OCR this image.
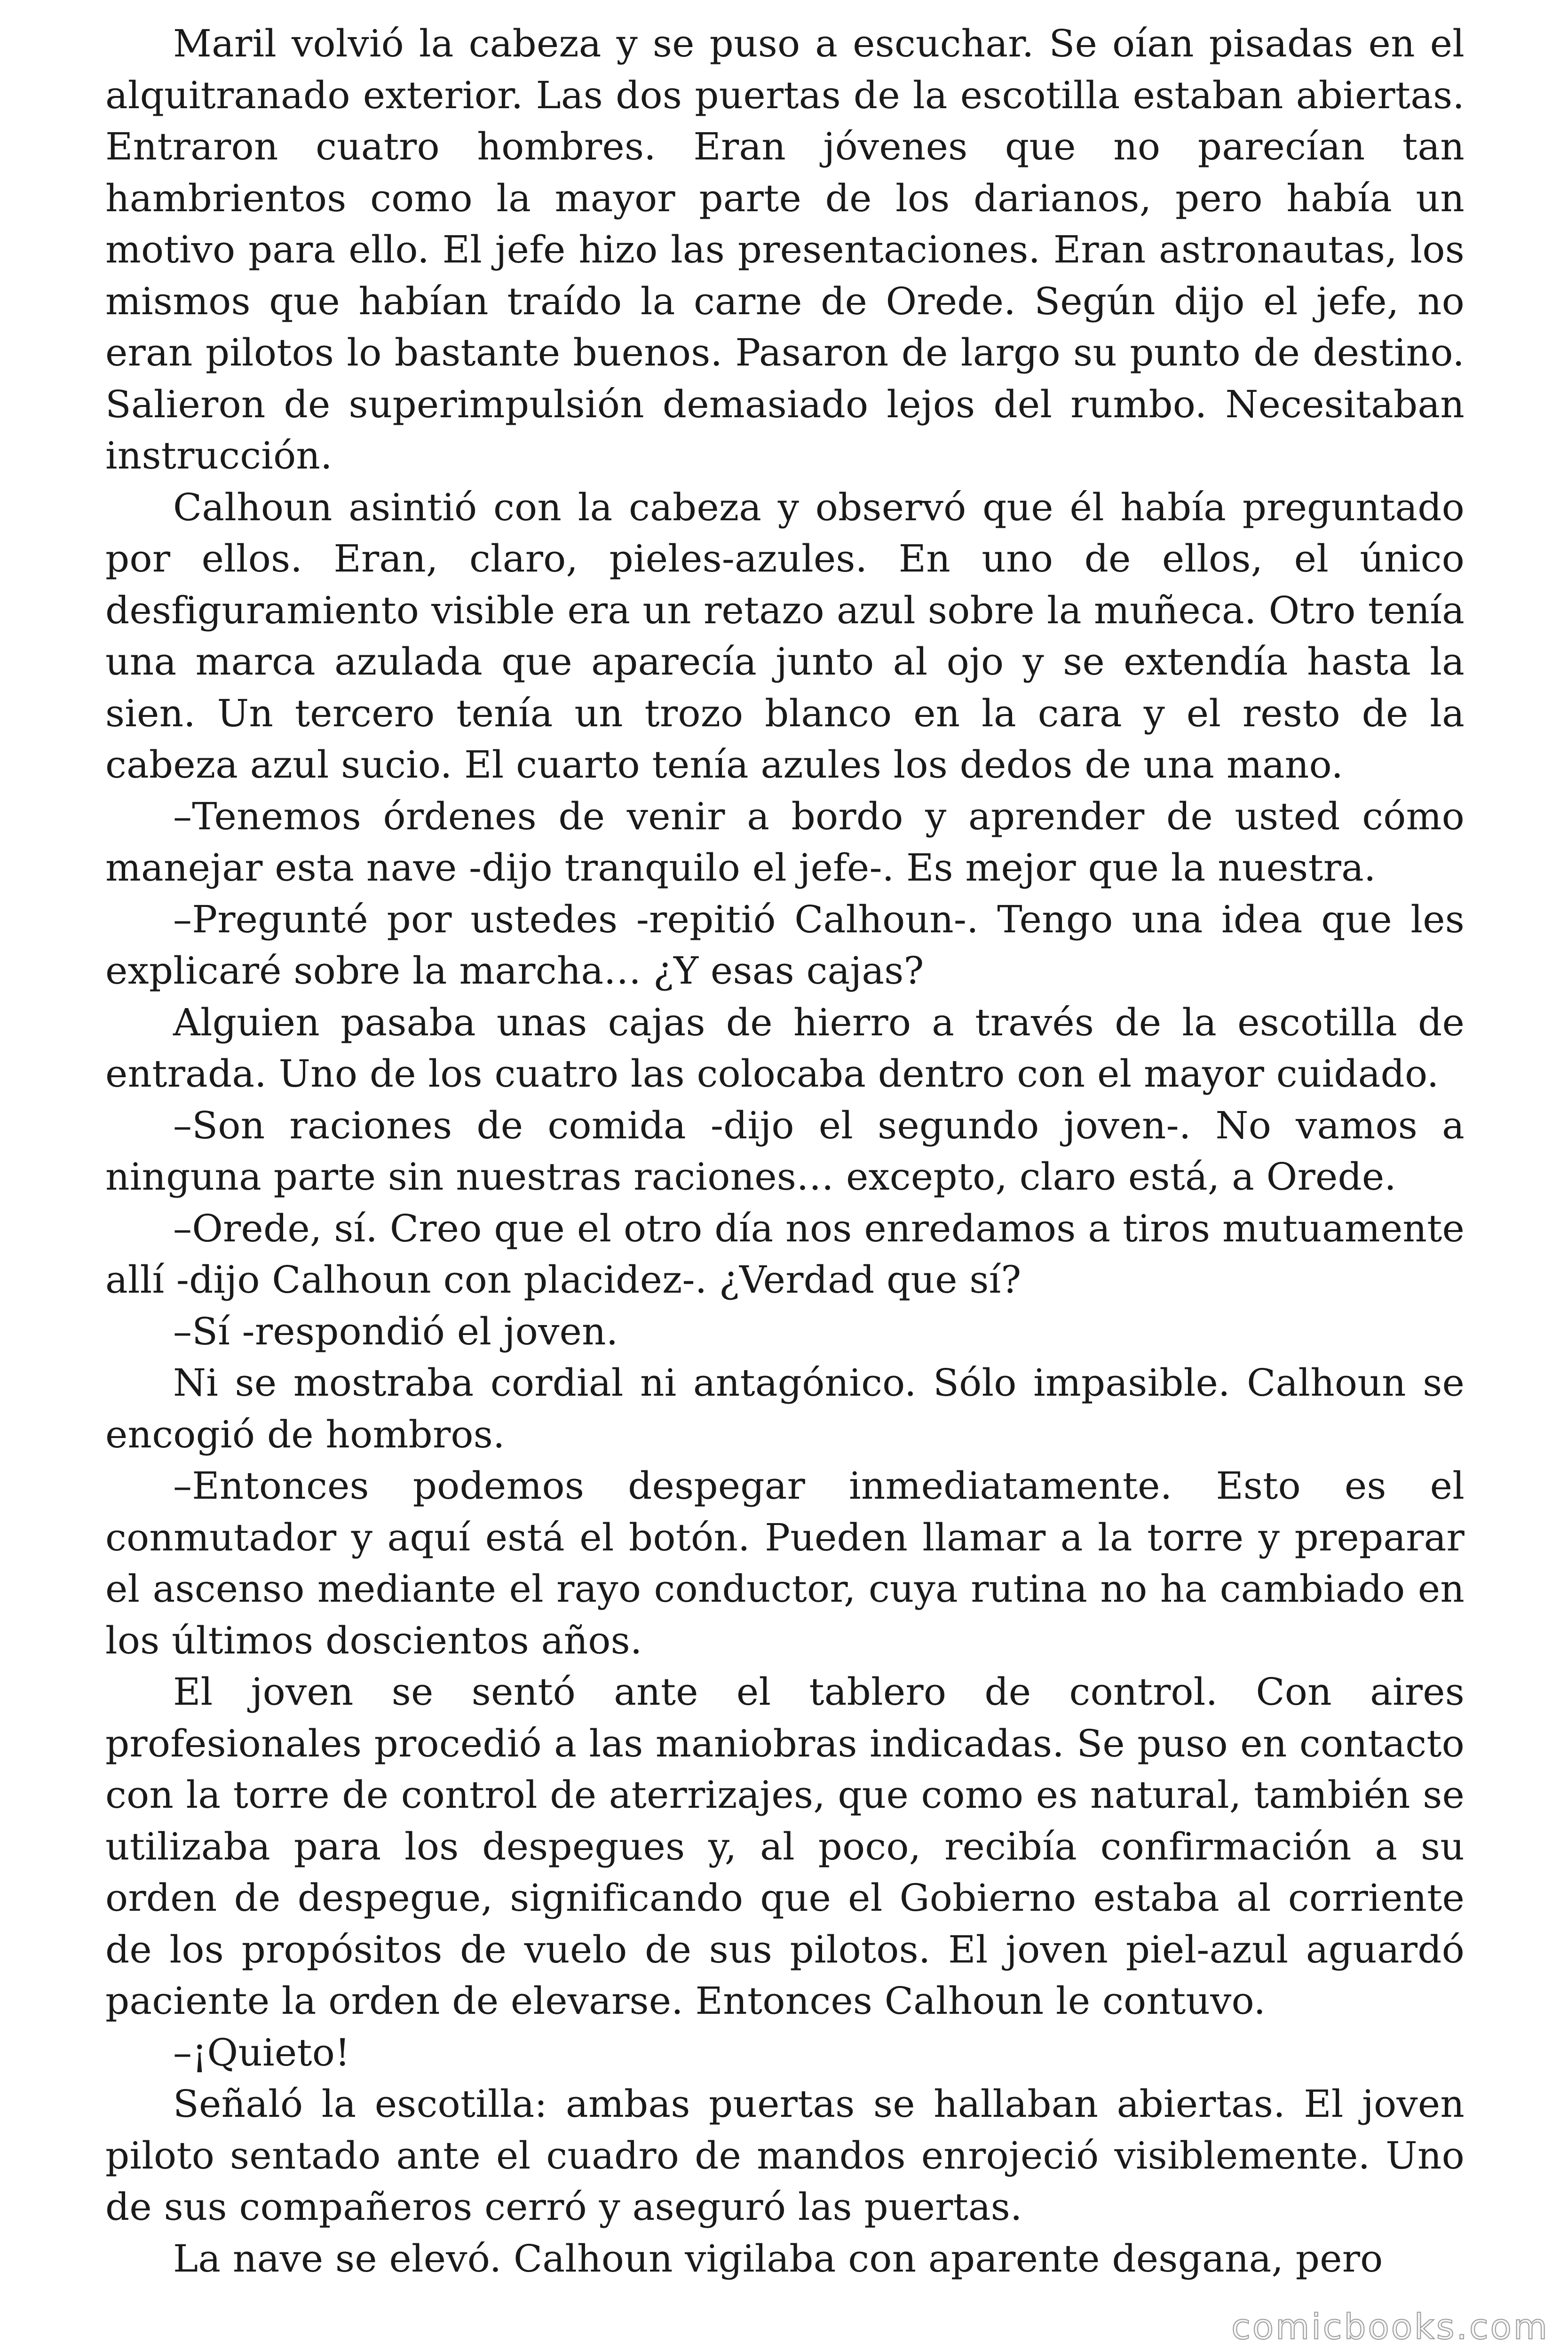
Maril volvió la cabeza y se puso a escuchar. Se oían pisadas en el alquitranado exterior. Las dos puertas de la escotilla estaban abiertas. Entraron cuatro hombres. Eran jóvenes que no parecían tan hambrientos como la mayor parte de los darianos, pero había un motivo para ello. El jefe hizo las presentaciones. Eran astronautas, los mismos que habían traído la carne de Orede. Según dijo el jefe, no eran pilotos lo bastante buenos. Pasaron de largo su punto de destino. Salieron de superimpulsión demasiado lejos del rumbo. Necesitaban instrucción.

Calhoun asintió con la cabeza y observó que él había preguntado por ellos. Eran, claro, pieles-azules. En uno de ellos, el único desfiguramiento visible era un retazo azul sobre la muñeca. Otro tenía una marca azulada que aparecía junto al ojo y se extendía hasta la sien. Un tercero tenía un trozo blanco en la cara y el resto de la cabeza azul sucio. El cuarto tenía azules los dedos de una mano.

–Tenemos órdenes de venir a bordo y aprender de usted cómo manejar esta nave -dijo tranquilo el jefe-. Es mejor que la nuestra.

–Pregunté por ustedes -repitió Calhoun-. Tengo una idea que les explicaré sobre la marcha… ¿Y esas cajas?

Alguien pasaba unas cajas de hierro a través de la escotilla de entrada. Uno de los cuatro las colocaba dentro con el mayor cuidado.

–Son raciones de comida -dijo el segundo joven-. No vamos a ninguna parte sin nuestras raciones… excepto, claro está, a Orede.

–Orede, sí. Creo que el otro día nos enredamos a tiros mutuamente allí -dijo Calhoun con placidez-. ¿Verdad que sí?

–Sí -respondió el joven.

Ni se mostraba cordial ni antagónico. Sólo impasible. Calhoun se encogió de hombros.

–Entonces podemos despegar inmediatamente. Esto es el conmutador y aquí está el botón. Pueden llamar a la torre y preparar el ascenso mediante el rayo conductor, cuya rutina no ha cambiado en los últimos doscientos años.

El joven se sentó ante el tablero de control. Con aires profesionales procedió a las maniobras indicadas. Se puso en contacto con la torre de control de aterrizajes, que como es natural, también se utilizaba para los despegues y, al poco, recibía confirmación a su orden de despegue, significando que el Gobierno estaba al corriente de los propósitos de vuelo de sus pilotos. El joven piel-azul aguardó paciente la orden de elevarse. Entonces Calhoun le contuvo.

–¡Quieto!

Señaló la escotilla: ambas puertas se hallaban abiertas. El joven piloto sentado ante el cuadro de mandos enrojeció visiblemente. Uno de sus compañeros cerró y aseguró las puertas.

La nave se elevó. Calhoun vigilaba con aparente desgana, pero

comicbooks.com
